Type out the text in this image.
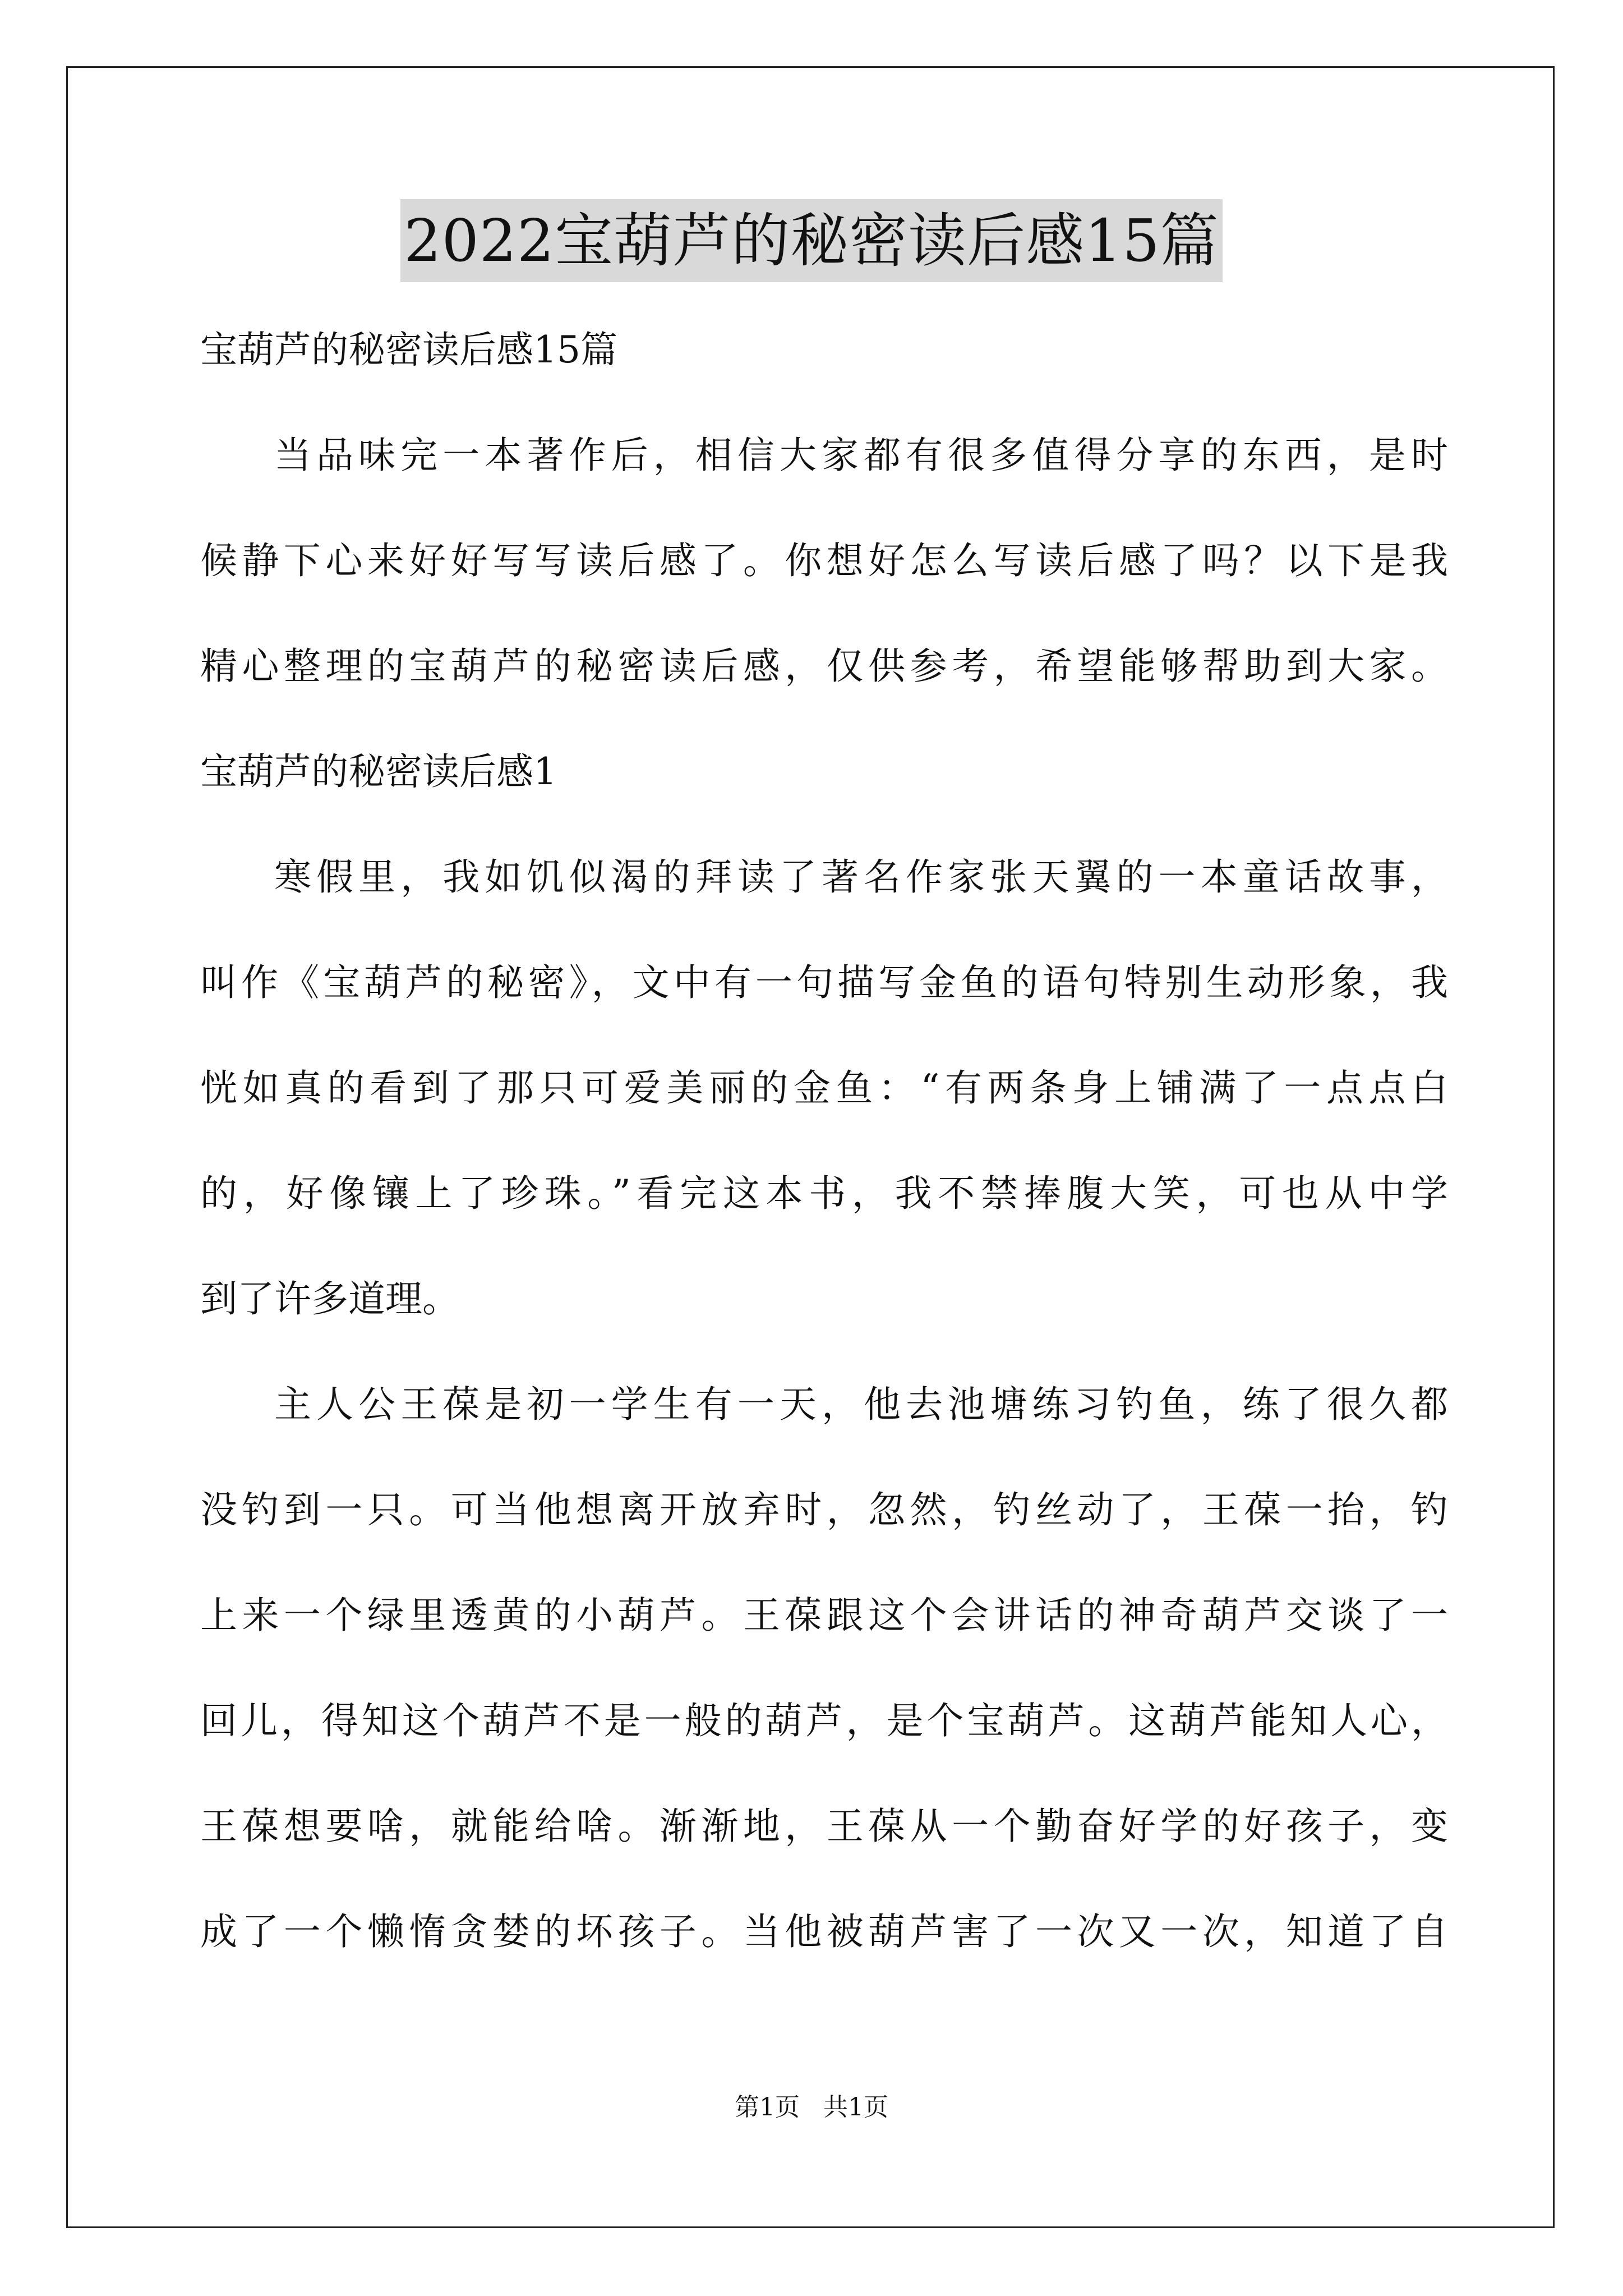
2022宝葫芦的秘密读后感15篇
宝葫芦的秘密读后感15篇
当品味完一本著作后，相信大家都有很多值得分享的东西，是时
候静下心来好好写写读后感了。你想好怎么写读后感了吗？以下是我
精心整理的宝葫芦的秘密读后感，仅供参考，希望能够帮助到大家。
宝葫芦的秘密读后感1
寒假里，我如饥似渴的拜读了著名作家张天翼的一本童话故事，
叫作《宝葫芦的秘密》，文中有一句描写金鱼的语句特别生动形象，我
恍如真的看到了那只可爱美丽的金鱼：“有两条身上铺满了一点点白
的，好像镶上了珍珠。”看完这本书，我不禁捧腹大笑，可也从中学
到了许多道理。
主人公王葆是初一学生有一天，他去池塘练习钓鱼，练了很久都
没钓到一只。可当他想离开放弃时，忽然，钓丝动了，王葆一抬，钓
上来一个绿里透黄的小葫芦。王葆跟这个会讲话的神奇葫芦交谈了一
回儿，得知这个葫芦不是一般的葫芦，是个宝葫芦。这葫芦能知人心，
王葆想要啥，就能给啥。渐渐地，王葆从一个勤奋好学的好孩子，变
成了一个懒惰贪婪的坏孩子。当他被葫芦害了一次又一次，知道了自
第1页 共1页
